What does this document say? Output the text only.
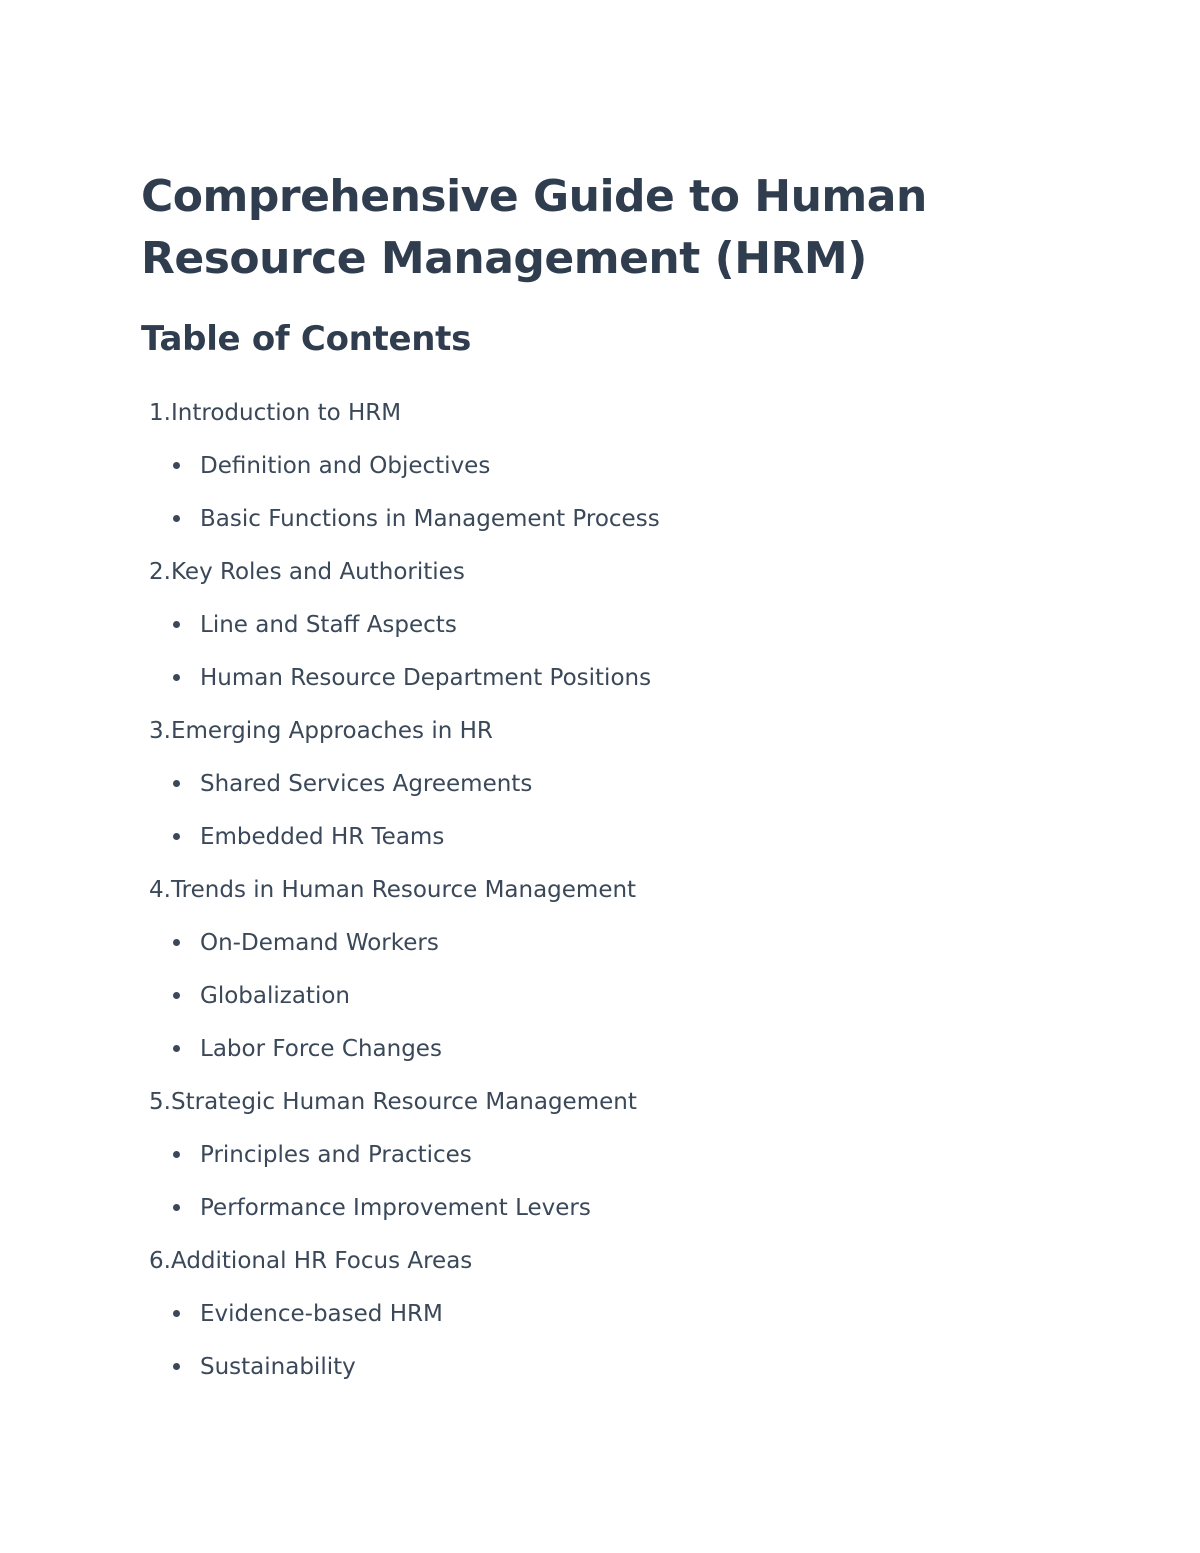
Comprehensive Guide to Human Resource Management (HRM)
Table of Contents
1. Introduction to HRM
Definition and Objectives
Basic Functions in Management Process
2. Key Roles and Authorities
Line and Staff Aspects
Human Resource Department Positions
3. Emerging Approaches in HR
Shared Services Agreements
Embedded HR Teams
4. Trends in Human Resource Management
On-Demand Workers
Globalization
Labor Force Changes
5. Strategic Human Resource Management
Principles and Practices
Performance Improvement Levers
6. Additional HR Focus Areas
Evidence-based HRM
Sustainability
